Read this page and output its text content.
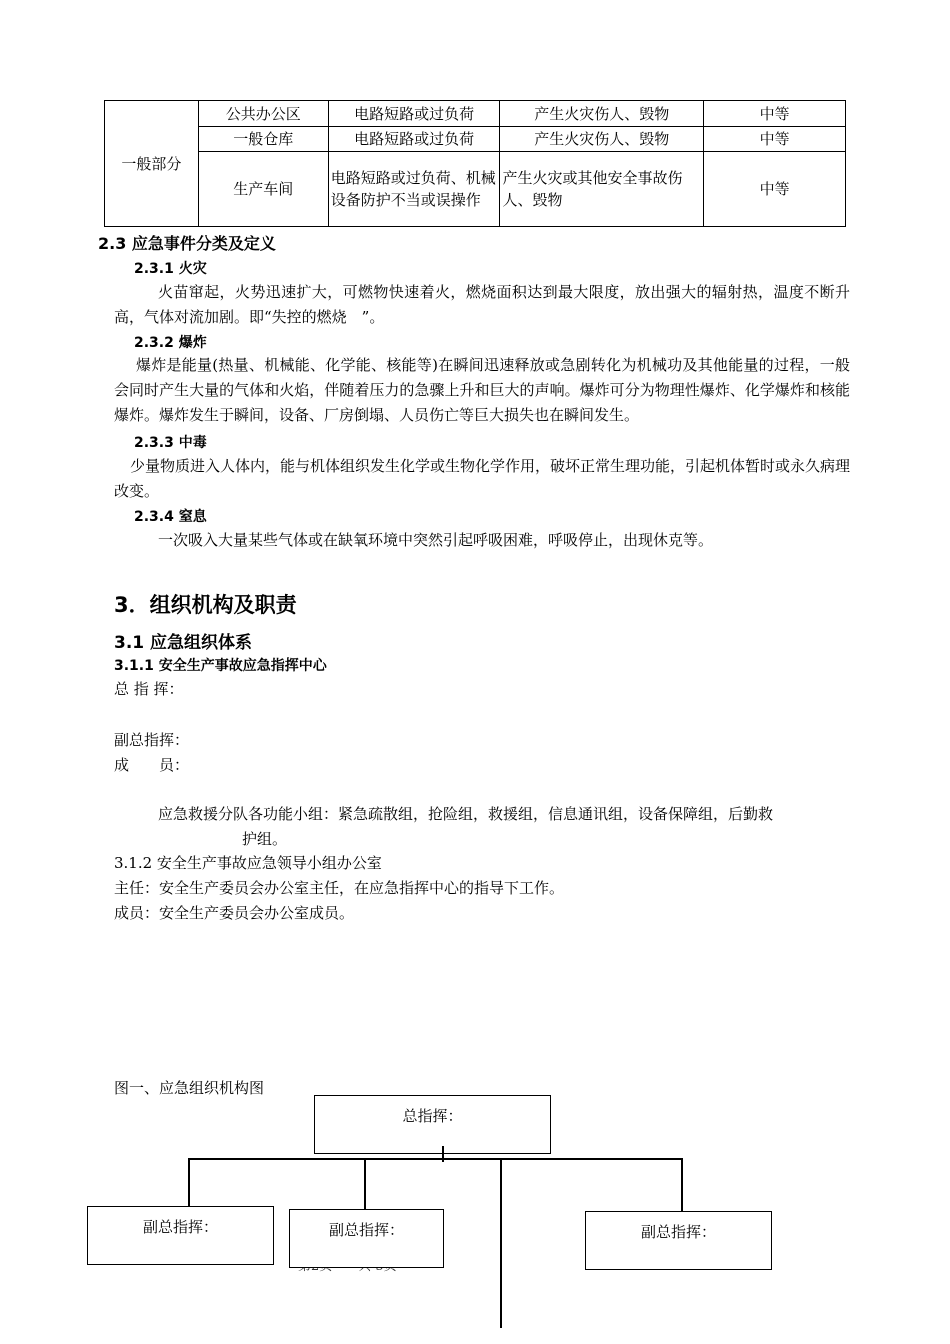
一般部分	公共办公区	电路短路或过负荷	产生火灾伤人、毁物	中等
	一般仓库	电路短路或过负荷	产生火灾伤人、毁物	中等
	生产车间	电路短路或过负荷、机械设备防护不当或误操作	产生火灾或其他安全事故伤人、毁物	中等
2.3 应急事件分类及定义
2.3.1 火灾
火苗窜起，火势迅速扩大，可燃物快速着火，燃烧面积达到最大限度，放出强大的辐射热，温度不断升高，气体对流加剧。即“失控的燃烧　”。
2.3.2 爆炸
爆炸是能量(热量、机械能、化学能、核能等)在瞬间迅速释放或急剧转化为机械功及其他能量的过程，一般会同时产生大量的气体和火焰，伴随着压力的急骤上升和巨大的声响。爆炸可分为物理性爆炸、化学爆炸和核能爆炸。爆炸发生于瞬间，设备、厂房倒塌、人员伤亡等巨大损失也在瞬间发生。
2.3.3 中毒
少量物质进入人体内，能与机体组织发生化学或生物化学作用，破坏正常生理功能，引起机体暂时或永久病理改变。
2.3.4 窒息
一次吸入大量某些气体或在缺氧环境中突然引起呼吸困难，呼吸停止，出现休克等。
3．组织机构及职责
3.1 应急组织体系
3.1.1 安全生产事故应急指挥中心
总 指 挥：
副总指挥：
成　　员：
应急救援分队各功能小组：紧急疏散组，抢险组，救援组，信息通讯组，设备保障组，后勤救
护组。
3.1.2 安全生产事故应急领导小组办公室
主任：安全生产委员会办公室主任，在应急指挥中心的指导下工作。
成员：安全生产委员会办公室成员。
图一、应急组织机构图
总指挥：
副总指挥：	副总指挥：	副总指挥：
